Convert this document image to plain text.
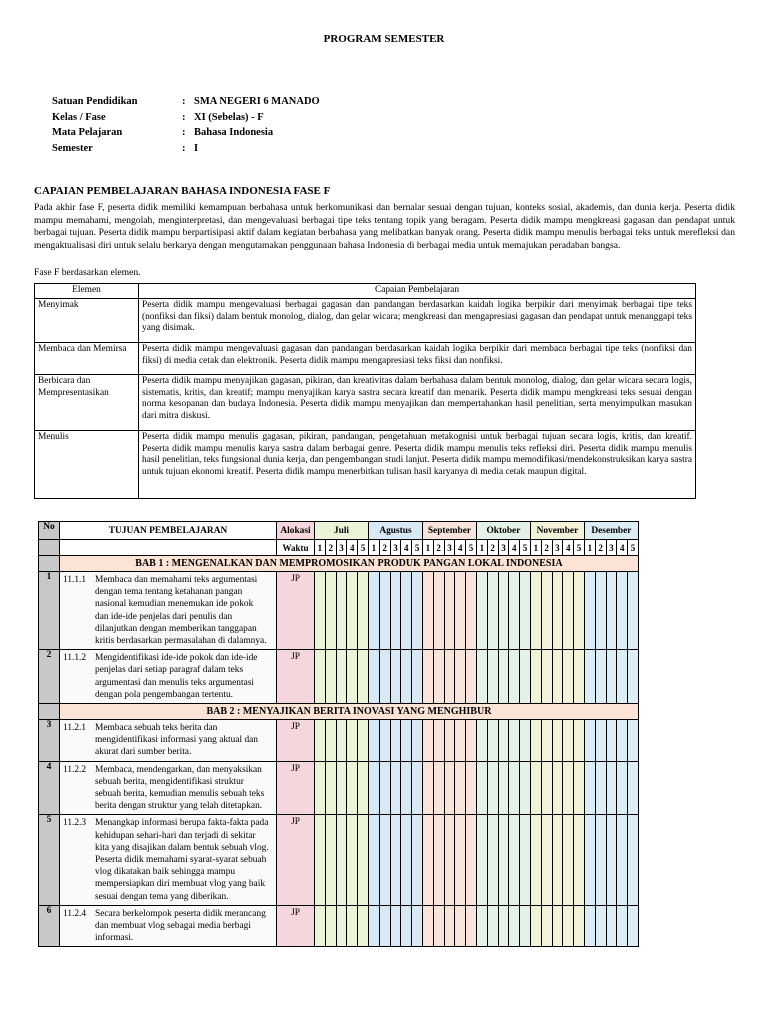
PROGRAM SEMESTER
Satuan Pendidikan	: SMA NEGERI 6 MANADO
Kelas / Fase	: XI (Sebelas) - F
Mata Pelajaran	: Bahasa Indonesia
Semester	: I
CAPAIAN PEMBELAJARAN BAHASA INDONESIA FASE F
Pada akhir fase F, peserta didik memiliki kemampuan berbahasa untuk berkomunikasi dan bernalar sesuai dengan tujuan, konteks sosial, akademis, dan dunia kerja. Peserta didik mampu memahami, mengolah, menginterpretasi, dan mengevaluasi berbagai tipe teks tentang topik yang beragam. Peserta didik mampu mengkreasi gagasan dan pendapat untuk berbagai tujuan. Peserta didik mampu berpartisipasi aktif dalam kegiatan berbahasa yang melibatkan banyak orang. Peserta didik mampu menulis berbagai teks untuk merefleksi dan mengaktualisasi diri untuk selalu berkarya dengan mengutamakan penggunaan bahasa Indonesia di berbagai media untuk memajukan peradaban bangsa.
Fase F berdasarkan elemen.
Elemen	Capaian Pembelajaran
Menyimak	Peserta didik mampu mengevaluasi berbagai gagasan dan pandangan berdasarkan kaidah logika berpikir dari menyimak berbagai tipe teks (nonfiksi dan fiksi) dalam bentuk monolog, dialog, dan gelar wicara; mengkreasi dan mengapresiasi gagasan dan pendapat untuk menanggapi teks yang disimak.
Membaca dan Memirsa	Peserta didik mampu mengevaluasi gagasan dan pandangan berdasarkan kaidah logika berpikir dari membaca berbagai tipe teks (nonfiksi dan fiksi) di media cetak dan elektronik. Peserta didik mampu mengapresiasi teks fiksi dan nonfiksi.
Berbicara dan Mempresentasikan	Peserta didik mampu menyajikan gagasan, pikiran, dan kreativitas dalam berbahasa dalam bentuk monolog, dialog, dan gelar wicara secara logis, sistematis, kritis, dan kreatif; mampu menyajikan karya sastra secara kreatif dan menarik. Peserta didik mampu mengkreasi teks sesuai dengan norma kesopanan dan budaya Indonesia. Peserta didik mampu menyajikan dan mempertahankan hasil penelitian, serta menyimpulkan masukan dari mitra diskusi.
Menulis	Peserta didik mampu menulis gagasan, pikiran, pandangan, pengetahuan metakognisi untuk berbagai tujuan secara logis, kritis, dan kreatif. Peserta didik mampu menulis karya sastra dalam berbagai genre. Peserta didik mampu menulis teks refleksi diri. Peserta didik mampu menulis hasil penelitian, teks fungsional dunia kerja, dan pengembangan studi lanjut. Peserta didik mampu memodifikasi/mendekonstruksikan karya sastra untuk tujuan ekonomi kreatif. Peserta didik mampu menerbitkan tulisan hasil karyanya di media cetak maupun digital.
No	TUJUAN PEMBELAJARAN	Alokasi	Juli					Agustus					September					Oktober					November					Desember				
		Waktu	1	2	3	4	5	1	2	3	4	5	1	2	3	4	5	1	2	3	4	5	1	2	3	4	5	1	2	3	4	5
	BAB 1 : MENGENALKAN DAN MEMPROMOSIKAN PRODUK PANGAN LOKAL INDONESIA																															
1	11.1.1 Membaca dan memahami teks argumentasi dengan tema tentang ketahanan pangan nasional kemudian menemukan ide pokok dan ide-ide penjelas dari penulis dan dilanjutkan dengan memberikan tanggapan kritis berdasarkan permasalahan di dalamnya.	JP																														
2	11.1.2 Mengidentifikasi ide-ide pokok dan ide-ide penjelas dari setiap paragraf dalam teks argumentasi dan menulis teks argumentasi dengan pola pengembangan tertentu.	JP																														
	BAB 2 : MENYAJIKAN BERITA INOVASI YANG MENGHIBUR																															
3	11.2.1 Membaca sebuah teks berita dan mengidentifikasi informasi yang aktual dan akurat dari sumber berita.	JP																														
4	11.2.2 Membaca, mendengarkan, dan menyaksikan sebuah berita, mengidentifikasi struktur sebuah berita, kemudian menulis sebuah teks berita dengan struktur yang telah ditetapkan.	JP																														
5	11.2.3 Menangkap informasi berupa fakta-fakta pada kehidupan sehari-hari dan terjadi di sekitar kita yang disajikan dalam bentuk sebuah vlog. Peserta didik memahami syarat-syarat sebuah vlog dikatakan baik sehingga mampu mempersiapkan diri membuat vlog yang baik sesuai dengan tema yang diberikan.	JP																														
6	11.2.4 Secara berkelompok peserta didik merancang dan membuat vlog sebagai media berbagi informasi.	JP																														
